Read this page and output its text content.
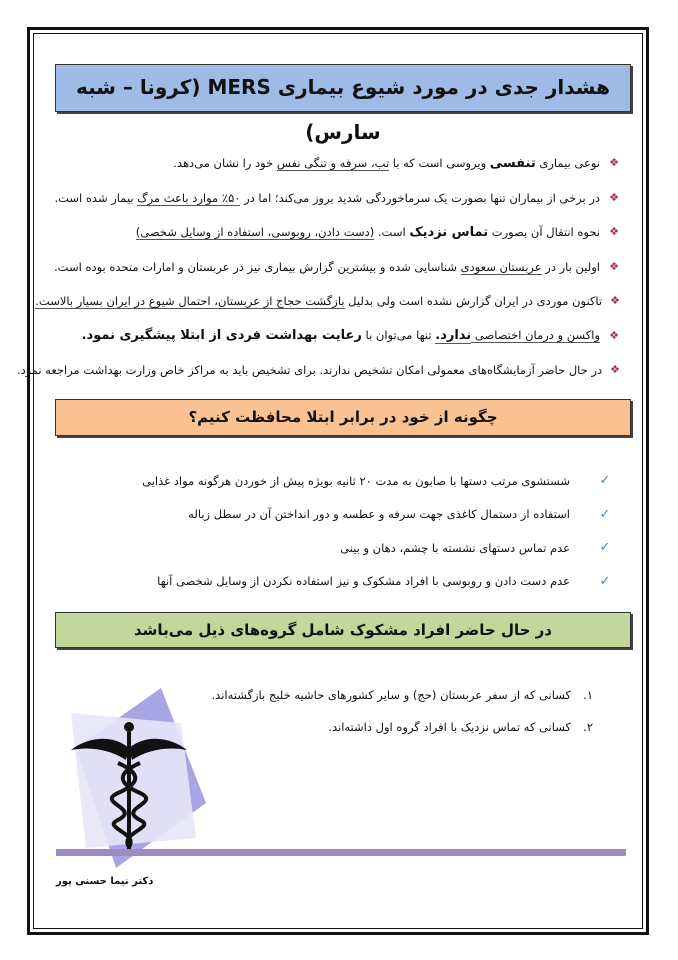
هشدار جدی در مورد شیوع بیماری MERS (کرونا – شبه سارس)
❖
نوعی بیماری تنفسی ویروسی است که با تب، سرفه و تنگی نفس خود را نشان می‌دهد.
❖
در برخی از بیماران تنها بصورت یک سرماخوردگی شدید بروز می‌کند؛ اما در ۵۰٪ موارد باعث مرگ بیمار شده است.
❖
نحوه انتقال آن بصورت تماس نزدیک است. (دست دادن، روبوسی، استفاده از وسایل شخصی)
❖
اولین بار در عربستان سعودی شناسایی شده و بیشترین گزارش بیماری نیز در عربستان و امارات متحده بوده است.
❖
تاکنون موردی در ایران گزارش نشده است ولی بدلیل بازگشت حجاج از عربستان، احتمال شیوع در ایران بسیار بالاست.
❖
واکسن و درمان اختصاصی ندارد. تنها می‌توان با رعایت بهداشت فردی از ابتلا پیشگیری نمود.
❖
در حال حاضر آزمایشگاه‌های معمولی امکان تشخیص ندارند. برای تشخیص باید به مراکز خاص وزارت بهداشت مراجعه نمود.
چگونه از خود در برابر ابتلا محافظت کنیم؟
✓
شستشوی مرتب دستها با صابون به مدت ۲۰ ثانیه بویژه پیش از خوردن هرگونه مواد غذایی
✓
استفاده از دستمال کاغذی جهت سرفه و عطسه و دور انداختن آن در سطل زباله
✓
عدم تماس دستهای نشسته با چشم، دهان و بینی
✓
عدم دست دادن و روبوسی با افراد مشکوک و نیز استفاده نکردن از وسایل شخصی آنها
در حال حاضر افراد مشکوک شامل گروه‌های ذیل می‌باشد
۱.
کسانی که از سفر عربستان (حج) و سایر کشورهای حاشیه خلیج بازگشته‌اند.
۲.
کسانی که تماس نزدیک با افراد گروه اول داشته‌اند.
دکتر نیما حسنی پور
